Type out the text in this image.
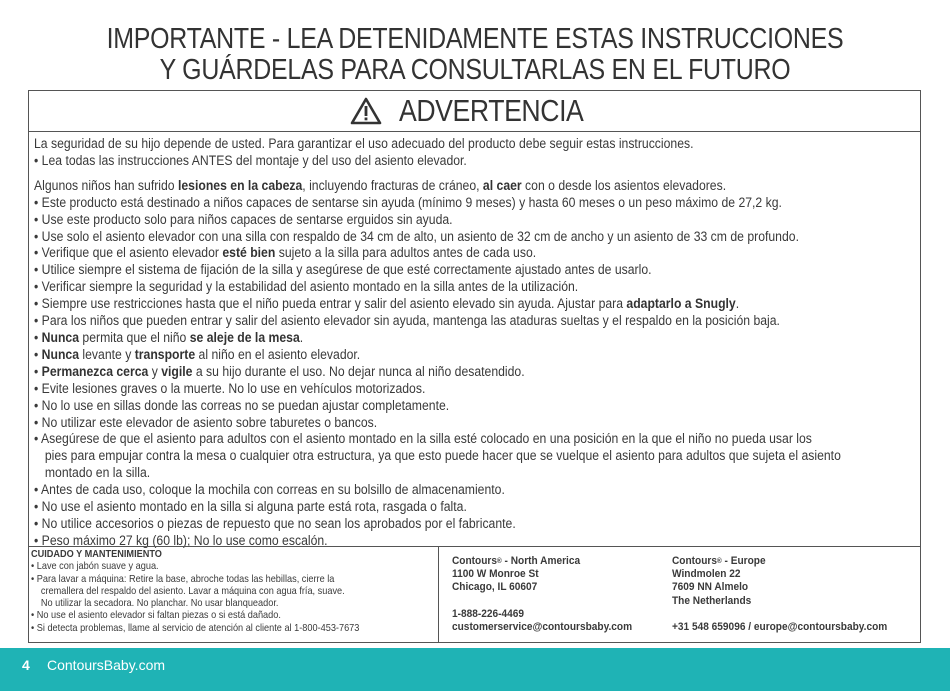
IMPORTANTE - LEA DETENIDAMENTE ESTAS INSTRUCCIONES
Y GUÁRDELAS PARA CONSULTARLAS EN EL FUTURO
ADVERTENCIA

La seguridad de su hijo depende de usted. Para garantizar el uso adecuado del producto debe seguir estas instrucciones.

• Lea todas las instrucciones ANTES del montaje y del uso del asiento elevador.

Algunos niños han sufrido lesiones en la cabeza, incluyendo fracturas de cráneo, al caer con o desde los asientos elevadores.

• Este producto está destinado a niños capaces de sentarse sin ayuda (mínimo 9 meses) y hasta 60 meses o un peso máximo de 27,2 kg.

• Use este producto solo para niños capaces de sentarse erguidos sin ayuda.

• Use solo el asiento elevador con una silla con respaldo de 34 cm de alto, un asiento de 32 cm de ancho y un asiento de 33 cm de profundo.

• Verifique que el asiento elevador esté bien sujeto a la silla para adultos antes de cada uso.

• Utilice siempre el sistema de fijación de la silla y asegúrese de que esté correctamente ajustado antes de usarlo.

• Verificar siempre la seguridad y la estabilidad del asiento montado en la silla antes de la utilización.

• Siempre use restricciones hasta que el niño pueda entrar y salir del asiento elevado sin ayuda. Ajustar para adaptarlo a Snugly.

• Para los niños que pueden entrar y salir del asiento elevador sin ayuda, mantenga las ataduras sueltas y el respaldo en la posición baja.

• Nunca permita que el niño se aleje de la mesa.

• Nunca levante y transporte al niño en el asiento elevador.

• Permanezca cerca y vigile a su hijo durante el uso. No dejar nunca al niño desatendido.

• Evite lesiones graves o la muerte. No lo use en vehículos motorizados.

• No lo use en sillas donde las correas no se puedan ajustar completamente.

• No utilizar este elevador de asiento sobre taburetes o bancos.

• Asegúrese de que el asiento para adultos con el asiento montado en la silla esté colocado en una posición en la que el niño no pueda usar los

pies para empujar contra la mesa o cualquier otra estructura, ya que esto puede hacer que se vuelque el asiento para adultos que sujeta el asiento

montado en la silla.

• Antes de cada uso, coloque la mochila con correas en su bolsillo de almacenamiento.

• No use el asiento montado en la silla si alguna parte está rota, rasgada o falta.

• No utilice accesorios o piezas de repuesto que no sean los aprobados por el fabricante.

• Peso máximo 27 kg (60 lb); No lo use como escalón.

CUIDADO Y MANTENIMIENTO

• Lave con jabón suave y agua.

• Para lavar a máquina: Retire la base, abroche todas las hebillas, cierre la

cremallera del respaldo del asiento. Lavar a máquina con agua fría, suave.

No utilizar la secadora. No planchar. No usar blanqueador.

• No use el asiento elevador si faltan piezas o si está dañado.

• Si detecta problemas, llame al servicio de atención al cliente al 1-800-453-7673

Contours® - North America

1100 W Monroe St

Chicago, IL 60607

1-888-226-4469

customerservice@contoursbaby.com

Contours® - Europe

Windmolen 22

7609 NN Almelo

The Netherlands

+31 548 659096 / europe@contoursbaby.com

4 ContoursBaby.com
